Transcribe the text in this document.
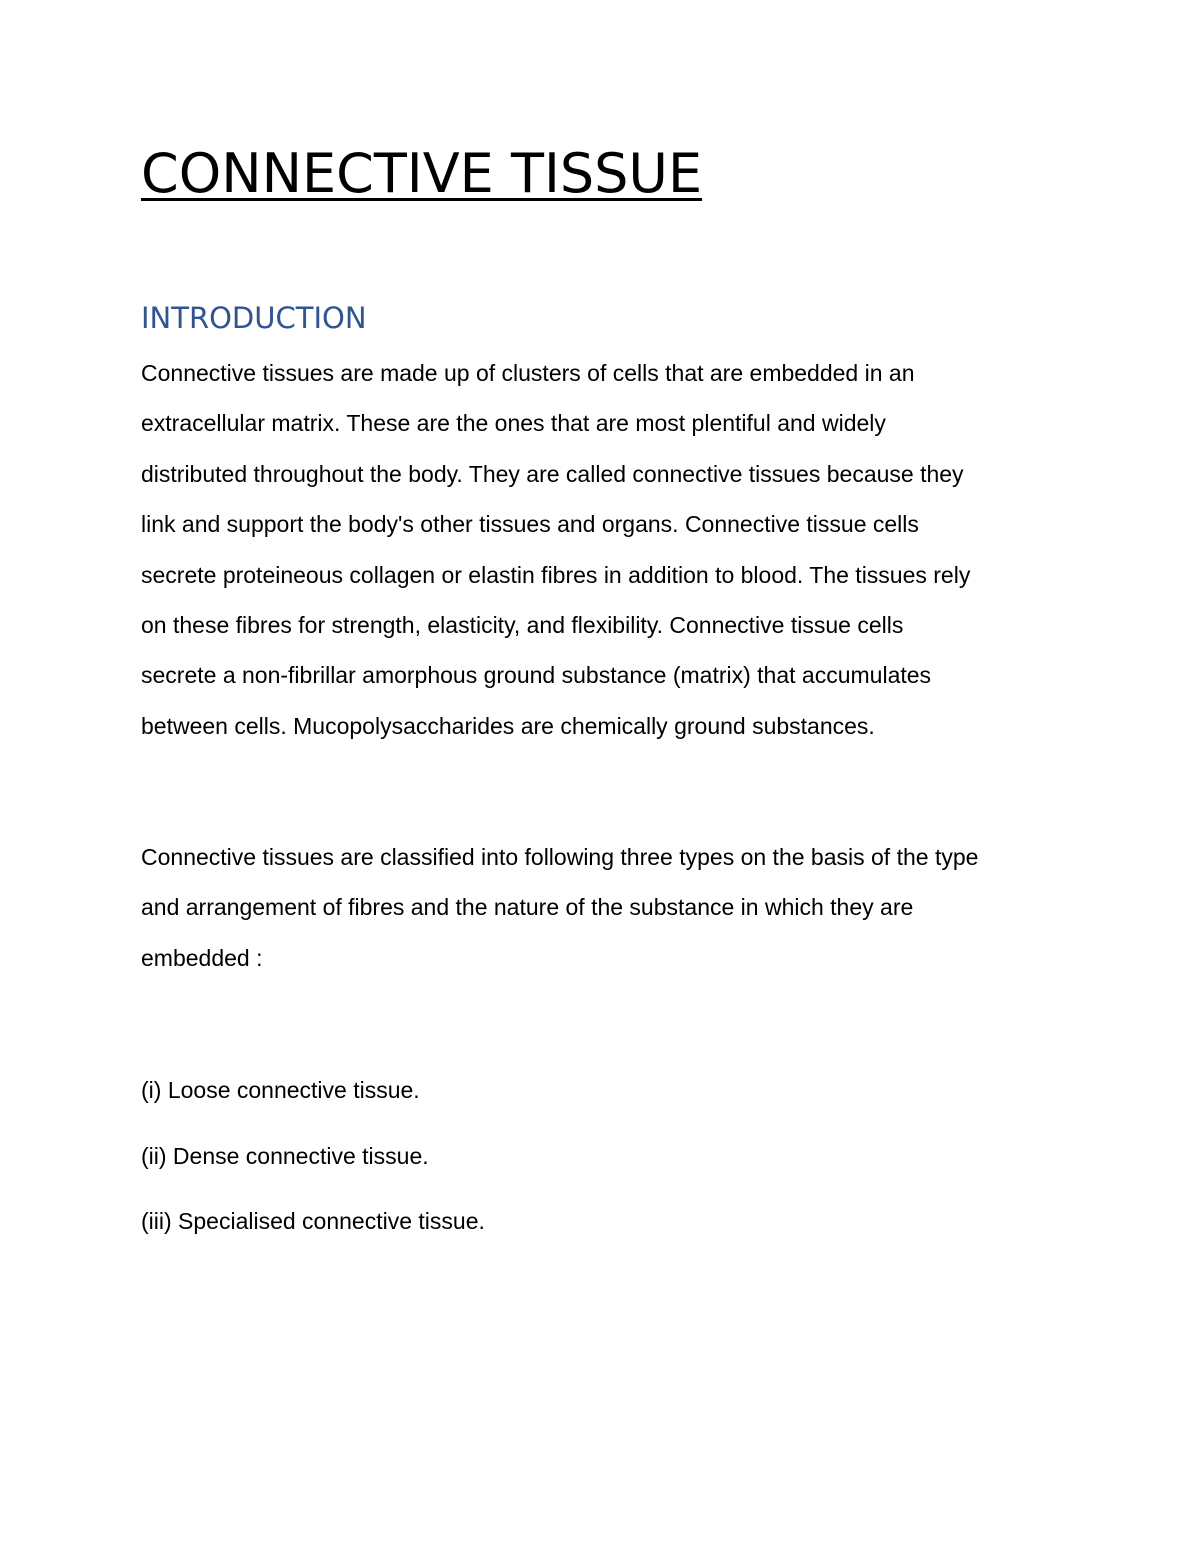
CONNECTIVE TISSUE
INTRODUCTION

Connective tissues are made up of clusters of cells that are embedded in an
extracellular matrix. These are the ones that are most plentiful and widely
distributed throughout the body. They are called connective tissues because they
link and support the body's other tissues and organs. Connective tissue cells
secrete proteineous collagen or elastin fibres in addition to blood. The tissues rely
on these fibres for strength, elasticity, and flexibility. Connective tissue cells
secrete a non-fibrillar amorphous ground substance (matrix) that accumulates
between cells. Mucopolysaccharides are chemically ground substances.

Connective tissues are classified into following three types on the basis of the type
and arrangement of fibres and the nature of the substance in which they are
embedded :

(i) Loose connective tissue.
(ii) Dense connective tissue.
(iii) Specialised connective tissue.
